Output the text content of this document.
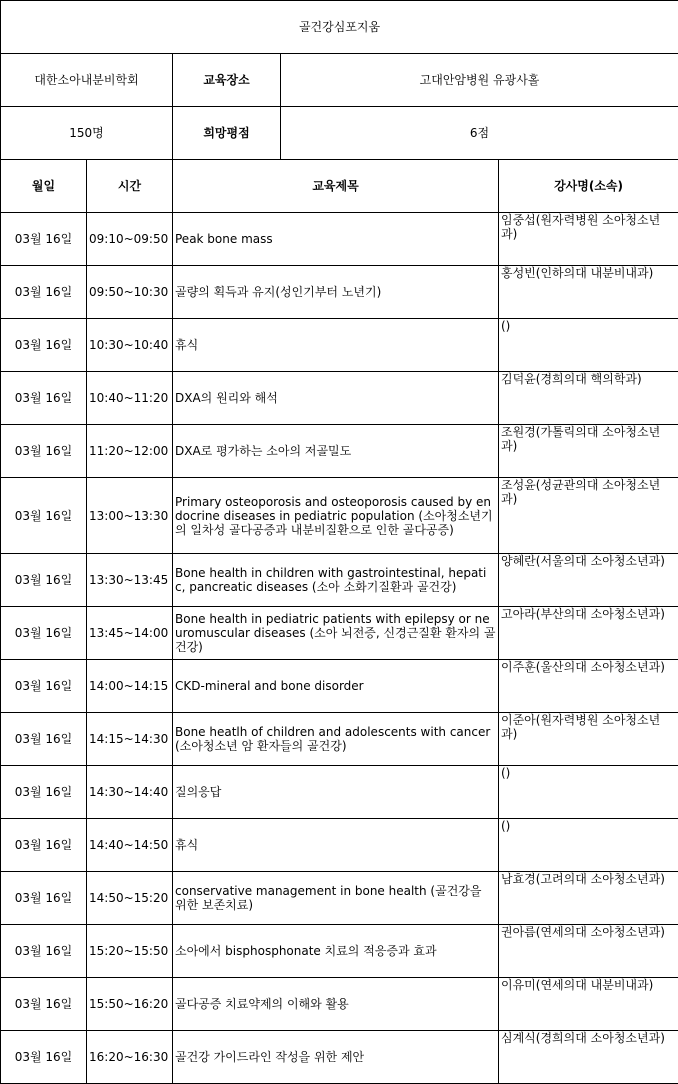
골건강심포지움				
대한소아내분비학회		교육장소	고대안암병원 유광사홀	
150명		희망평점	6점	
월일	시간	교육제목		강사명(소속)
03월 16일	09:10~09:50	Peak bone mass		임중섭(원자력병원 소아청소년과)
03월 16일	09:50~10:30	골량의 획득과 유지(성인기부터 노년기)		홍성빈(인하의대 내분비내과)
03월 16일	10:30~10:40	휴식		()
03월 16일	10:40~11:20	DXA의 원리와 해석		김덕윤(경희의대 핵의학과)
03월 16일	11:20~12:00	DXA로 평가하는 소아의 저골밀도		조원경(가톨릭의대 소아청소년과)
03월 16일	13:00~13:30	Primary osteoporosis and osteoporosis caused by endocrine diseases in pediatric population (소아청소년기의 일차성 골다공증과 내분비질환으로 인한 골다공증)		조성윤(성균관의대 소아청소년과)
03월 16일	13:30~13:45	Bone health in children with gastrointestinal, hepatic, pancreatic diseases (소아 소화기질환과 골건강)		양혜란(서울의대 소아청소년과)
03월 16일	13:45~14:00	Bone health in pediatric patients with epilepsy or neuromuscular diseases (소아 뇌전증, 신경근질환 환자의 골 건강)		고아라(부산의대 소아청소년과)
03월 16일	14:00~14:15	CKD-mineral and bone disorder		이주훈(울산의대 소아청소년과)
03월 16일	14:15~14:30	Bone heatlh of children and adolescents with cancer (소아청소년 암 환자들의 골건강)		이준아(원자력병원 소아청소년과)
03월 16일	14:30~14:40	질의응답		()
03월 16일	14:40~14:50	휴식		()
03월 16일	14:50~15:20	conservative management in bone health (골건강을 위한 보존치료)		남효경(고려의대 소아청소년과)
03월 16일	15:20~15:50	소아에서 bisphosphonate 치료의 적응증과 효과		권아름(연세의대 소아청소년과)
03월 16일	15:50~16:20	골다공증 치료약제의 이해와 활용		이유미(연세의대 내분비내과)
03월 16일	16:20~16:30	골건강 가이드라인 작성을 위한 제안		심계식(경희의대 소아청소년과)
